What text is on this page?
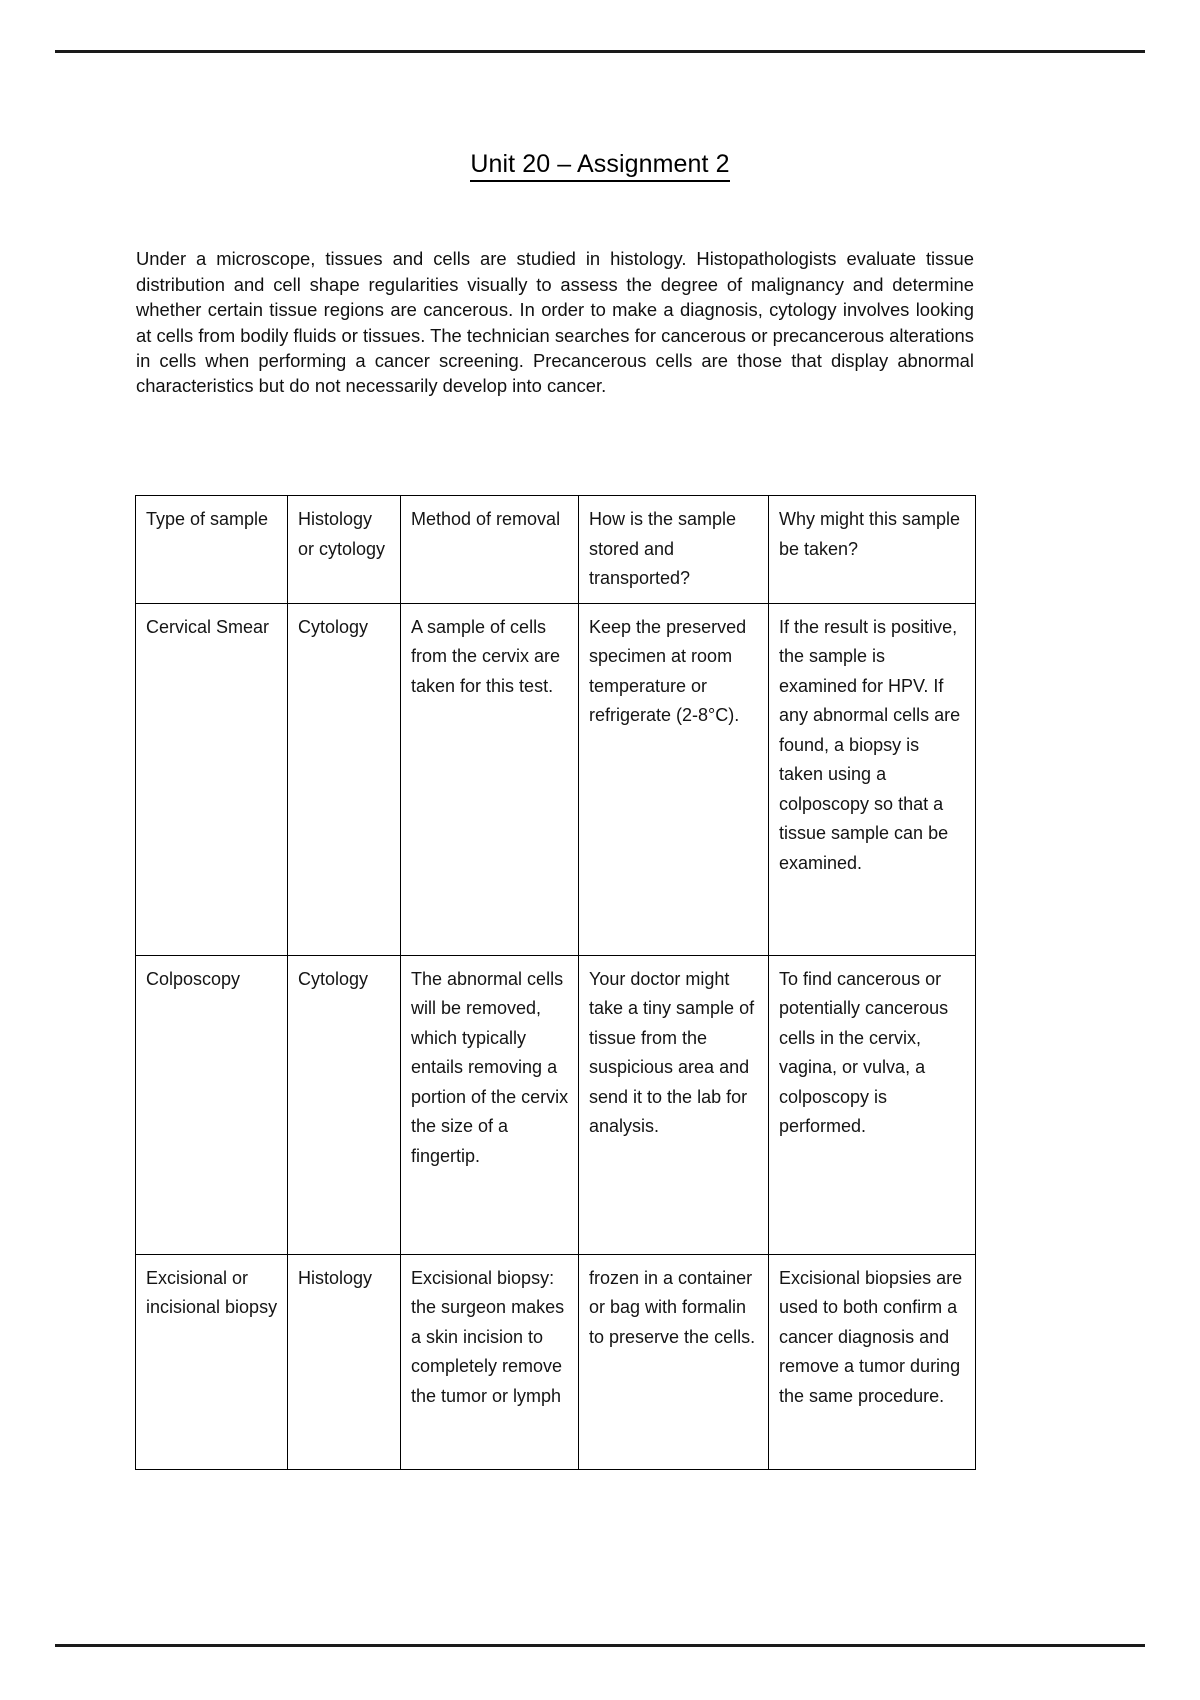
Unit 20 – Assignment 2

Under a microscope, tissues and cells are studied in histology. Histopathologists evaluate tissue distribution and cell shape regularities visually to assess the degree of malignancy and determine whether certain tissue regions are cancerous. In order to make a diagnosis, cytology involves looking at cells from bodily fluids or tissues. The technician searches for cancerous or precancerous alterations in cells when performing a cancer screening. Precancerous cells are those that display abnormal characteristics but do not necessarily develop into cancer.

Type of sample	Histology or cytology	Method of removal	How is the sample stored and transported?	Why might this sample be taken?
Cervical Smear	Cytology	A sample of cells from the cervix are taken for this test.	Keep the preserved specimen at room temperature or refrigerate (2-8°C).	If the result is positive, the sample is examined for HPV. If any abnormal cells are found, a biopsy is taken using a colposcopy so that a tissue sample can be examined.
Colposcopy	Cytology	The abnormal cells will be removed, which typically entails removing a portion of the cervix the size of a fingertip.	Your doctor might take a tiny sample of tissue from the suspicious area and send it to the lab for analysis.	To find cancerous or potentially cancerous cells in the cervix, vagina, or vulva, a colposcopy is performed.
Excisional or incisional biopsy	Histology	Excisional biopsy: the surgeon makes a skin incision to completely remove the tumor or lymph	frozen in a container or bag with formalin to preserve the cells.	Excisional biopsies are used to both confirm a cancer diagnosis and remove a tumor during the same procedure.
